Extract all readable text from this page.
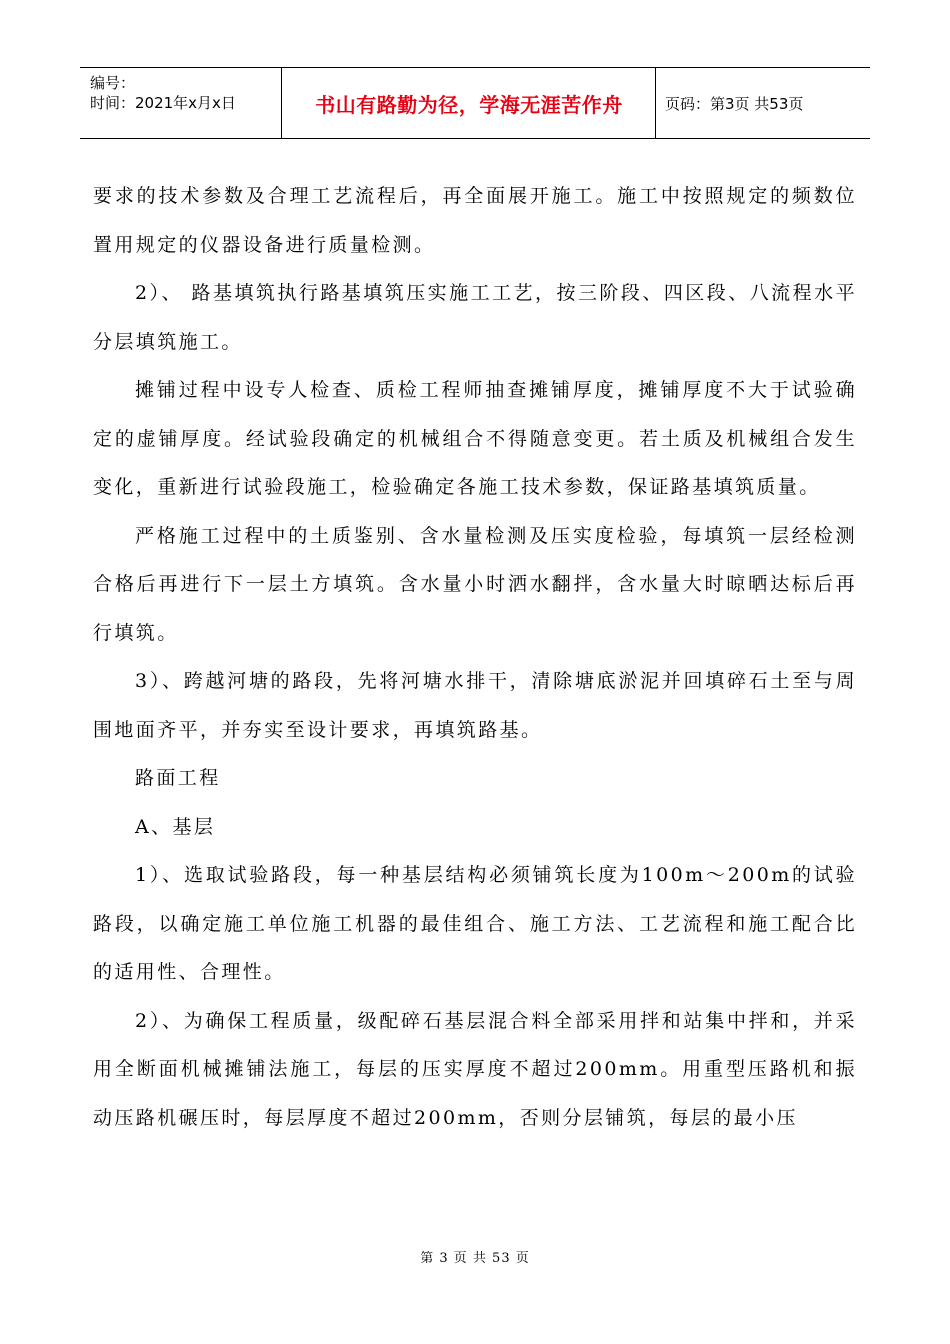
编号：
时间：2021年x月x日	书山有路勤为径，学海无涯苦作舟	页码：第3页 共53页

要求的技术参数及合理工艺流程后，再全面展开施工。施工中按照规定的频数位置用规定的仪器设备进行质量检测。

2）、 路基填筑执行路基填筑压实施工工艺，按三阶段、四区段、八流程水平分层填筑施工。

摊铺过程中设专人检查、质检工程师抽查摊铺厚度，摊铺厚度不大于试验确定的虚铺厚度。经试验段确定的机械组合不得随意变更。若土质及机械组合发生变化，重新进行试验段施工，检验确定各施工技术参数，保证路基填筑质量。

严格施工过程中的土质鉴别、含水量检测及压实度检验，每填筑一层经检测合格后再进行下一层土方填筑。含水量小时洒水翻拌，含水量大时晾晒达标后再行填筑。

3）、跨越河塘的路段，先将河塘水排干，清除塘底淤泥并回填碎石土至与周围地面齐平，并夯实至设计要求，再填筑路基。

路面工程

A、基层

1）、选取试验路段，每一种基层结构必须铺筑长度为100m～200m的试验路段，以确定施工单位施工机器的最佳组合、施工方法、工艺流程和施工配合比的适用性、合理性。

2）、为确保工程质量，级配碎石基层混合料全部采用拌和站集中拌和，并采用全断面机械摊铺法施工，每层的压实厚度不超过200mm。用重型压路机和振动压路机碾压时，每层厚度不超过200mm，否则分层铺筑，每层的最小压

第 3 页 共 53 页
